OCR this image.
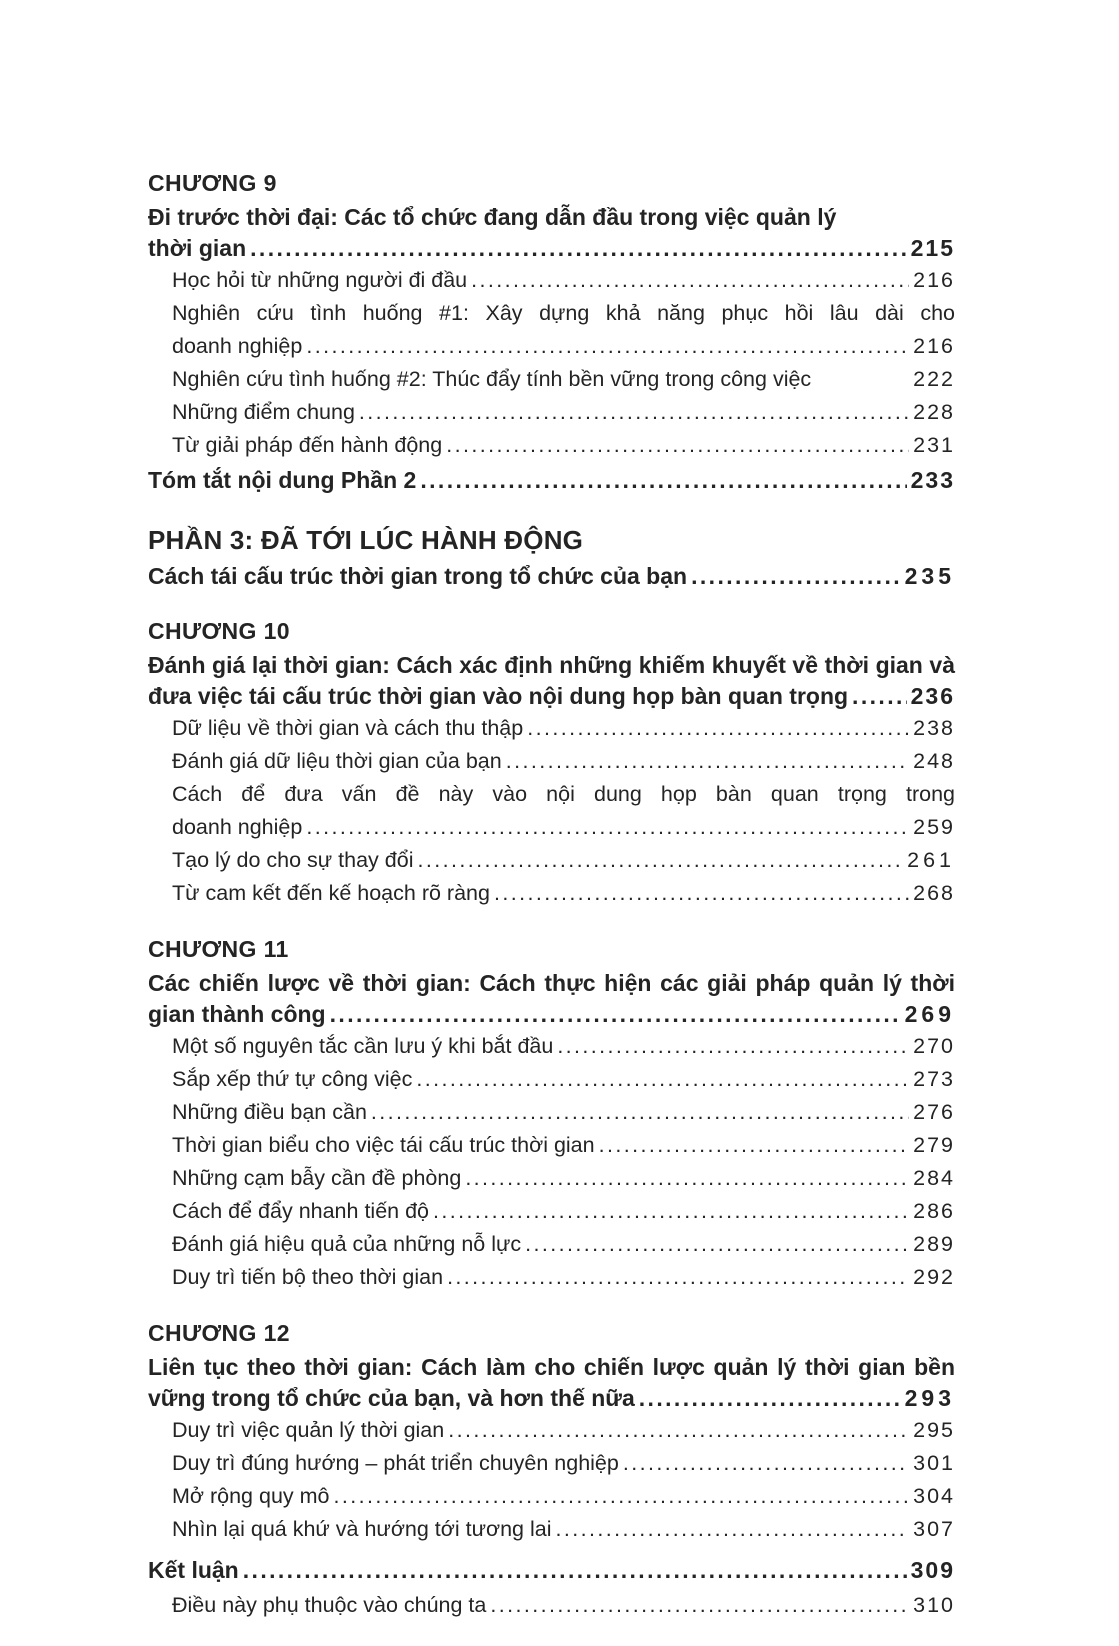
CHƯƠNG 9
Đi trước thời đại: Các tổ chức đang dẫn đầu trong việc quản lý
thời gian .....	215
Học hỏi từ những người đi đầu .....	216
Nghiên cứu tình huống #1: Xây dựng khả năng phục hồi lâu dài cho
doanh nghiệp .....	216
Nghiên cứu tình huống #2: Thúc đẩy tính bền vững trong công việc	222
Những điểm chung .....	228
Từ giải pháp đến hành động .....	231
Tóm tắt nội dung Phần 2 .....	233
PHẦN 3: ĐÃ TỚI LÚC HÀNH ĐỘNG
Cách tái cấu trúc thời gian trong tổ chức của bạn .....	235
CHƯƠNG 10
Đánh giá lại thời gian: Cách xác định những khiếm khuyết về thời gian và
đưa việc tái cấu trúc thời gian vào nội dung họp bàn quan trọng .....	236
Dữ liệu về thời gian và cách thu thập .....	238
Đánh giá dữ liệu thời gian của bạn .....	248
Cách để đưa vấn đề này vào nội dung họp bàn quan trọng trong
doanh nghiệp .....	259
Tạo lý do cho sự thay đổi .....	261
Từ cam kết đến kế hoạch rõ ràng .....	268
CHƯƠNG 11
Các chiến lược về thời gian: Cách thực hiện các giải pháp quản lý thời
gian thành công .....	269
Một số nguyên tắc cần lưu ý khi bắt đầu .....	270
Sắp xếp thứ tự công việc .....	273
Những điều bạn cần .....	276
Thời gian biểu cho việc tái cấu trúc thời gian .....	279
Những cạm bẫy cần đề phòng .....	284
Cách để đẩy nhanh tiến độ .....	286
Đánh giá hiệu quả của những nỗ lực .....	289
Duy trì tiến bộ theo thời gian .....	292
CHƯƠNG 12
Liên tục theo thời gian: Cách làm cho chiến lược quản lý thời gian bền
vững trong tổ chức của bạn, và hơn thế nữa .....	293
Duy trì việc quản lý thời gian .....	295
Duy trì đúng hướng – phát triển chuyên nghiệp .....	301
Mở rộng quy mô .....	304
Nhìn lại quá khứ và hướng tới tương lai .....	307
Kết luận .....	309
Điều này phụ thuộc vào chúng ta .....	310
